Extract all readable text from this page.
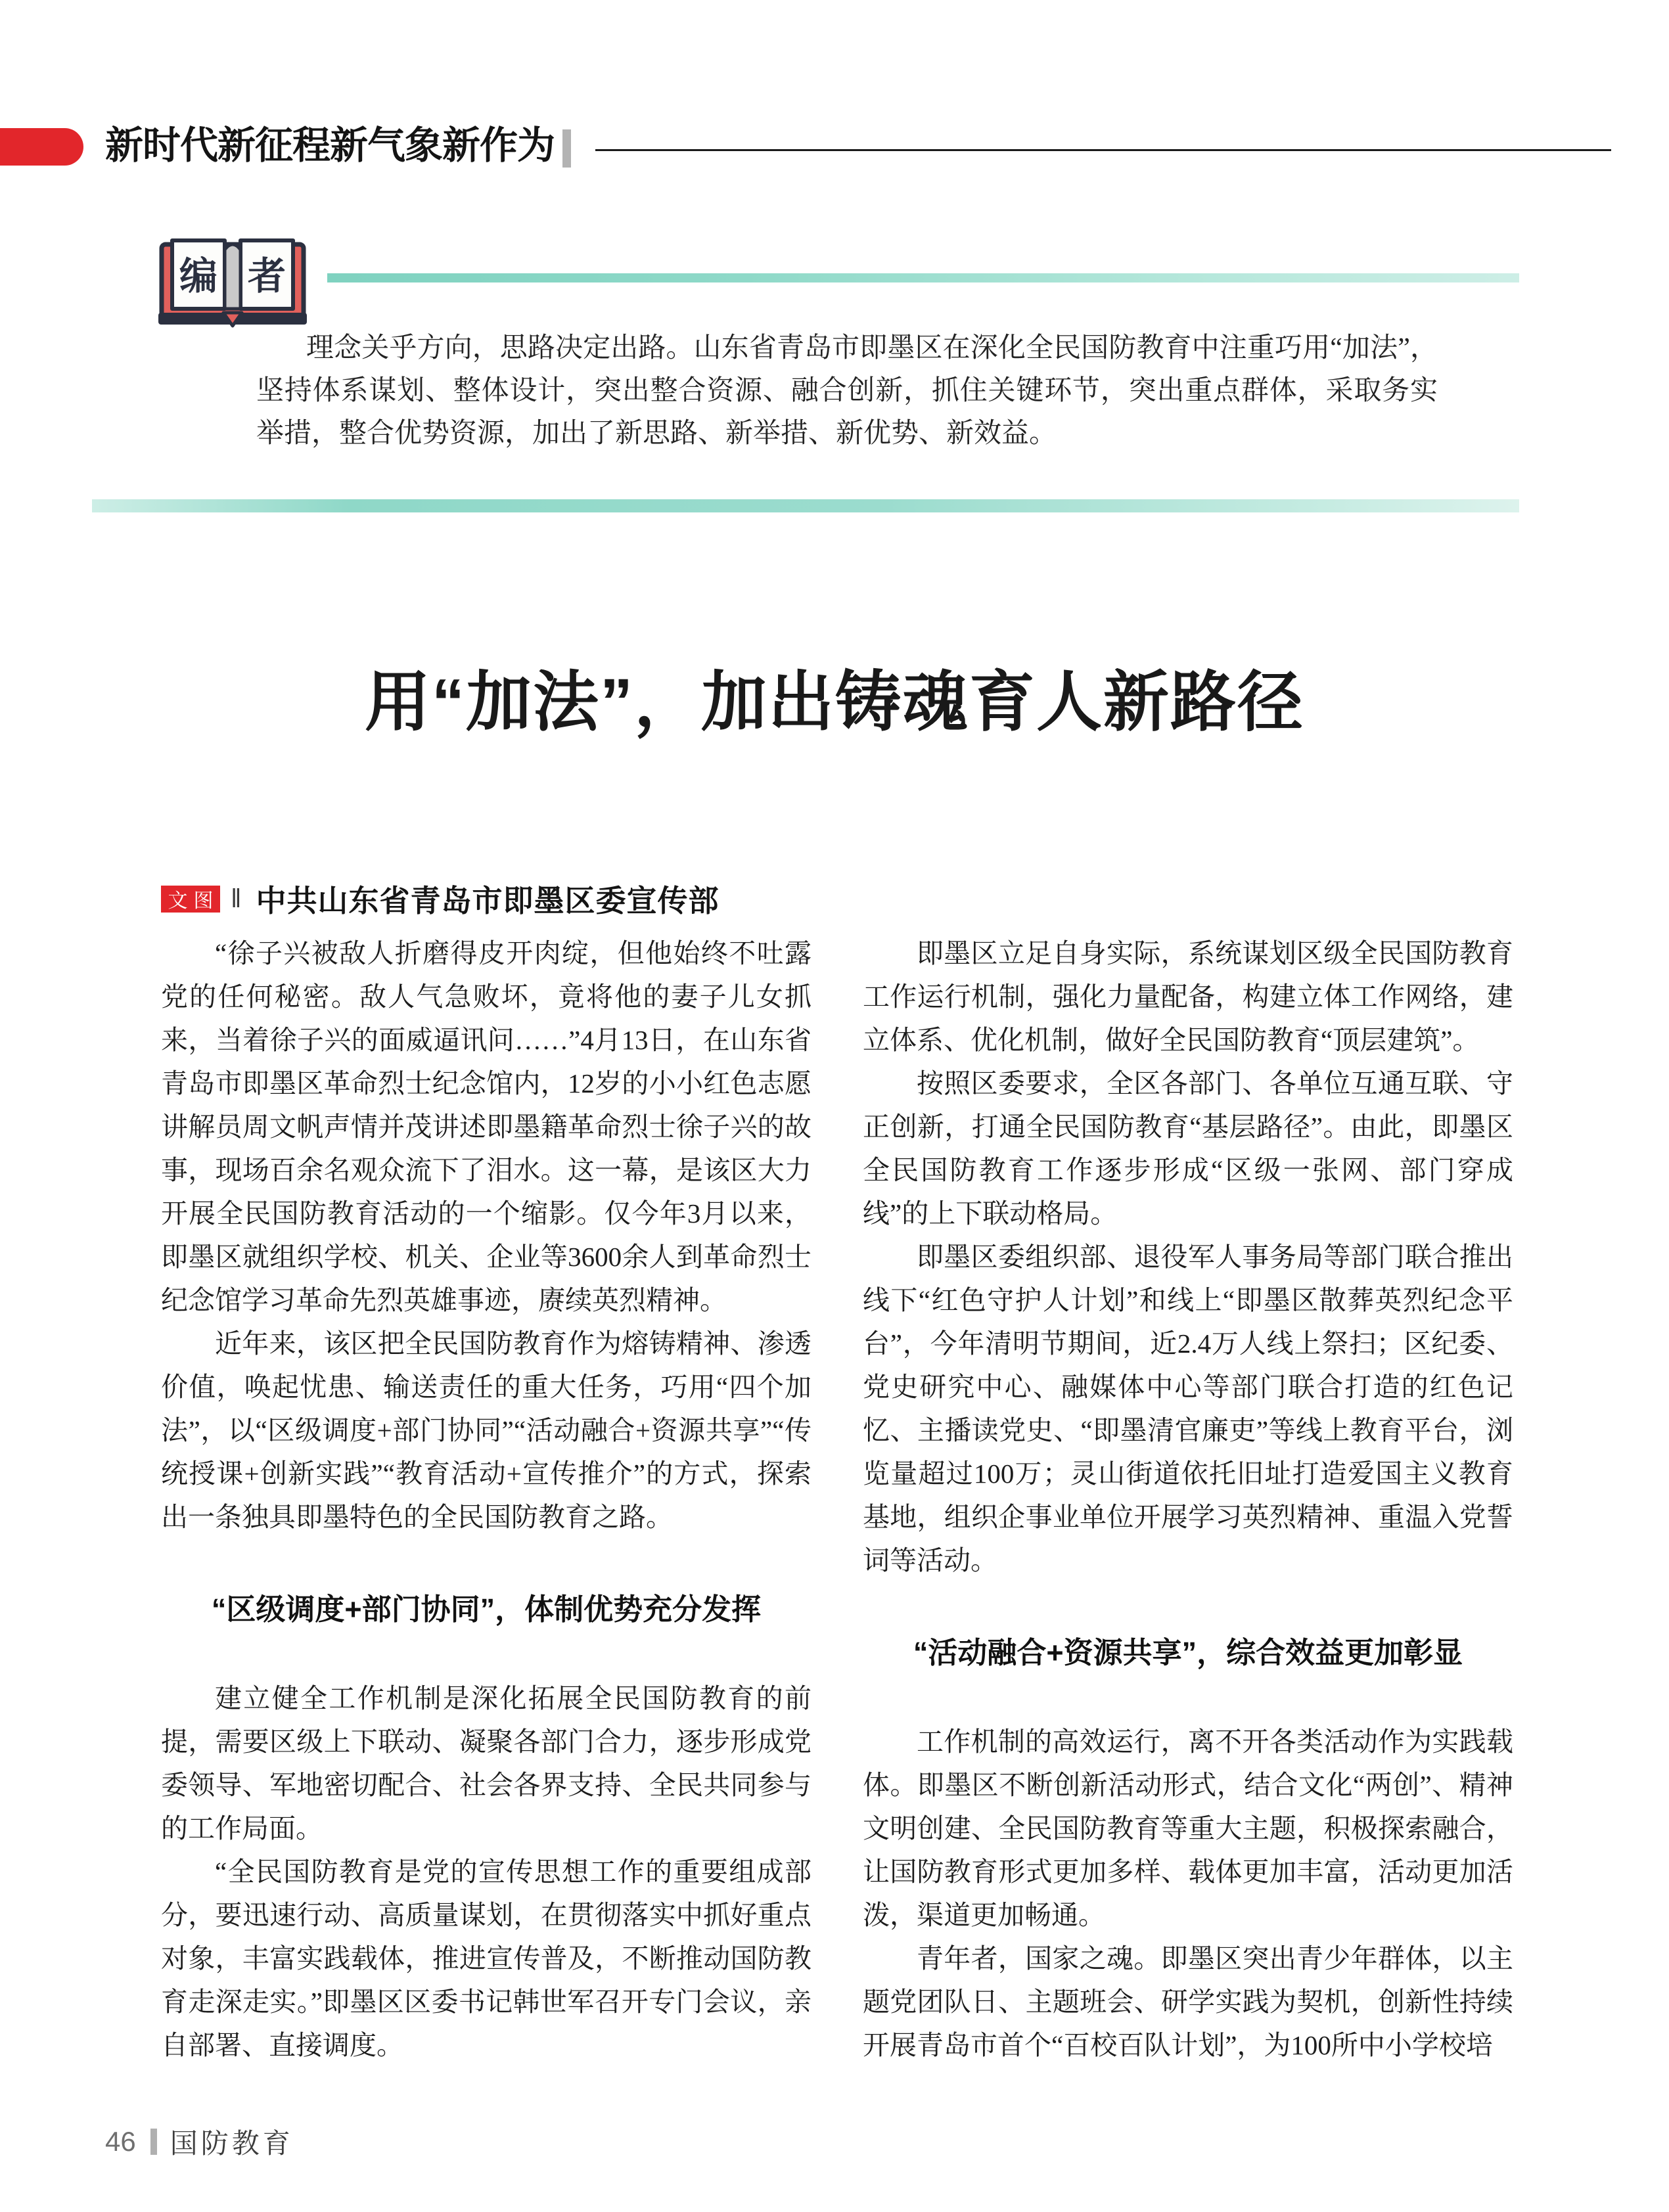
新时代新征程新气象新作为
编 者
理念关乎方向，思路决定出路。山东省青岛市即墨区在深化全民国防教育中注重巧用“加法”，坚持体系谋划、整体设计，突出整合资源、融合创新，抓住关键环节，突出重点群体，采取务实举措，整合优势资源，加出了新思路、新举措、新优势、新效益。
用“加法”，加出铸魂育人新路径
文图 ‖ 中共山东省青岛市即墨区委宣传部

“徐子兴被敌人折磨得皮开肉绽，但他始终不吐露党的任何秘密。敌人气急败坏，竟将他的妻子儿女抓来，当着徐子兴的面威逼讯问……”4月13日，在山东省青岛市即墨区革命烈士纪念馆内，12岁的小小红色志愿讲解员周文帆声情并茂讲述即墨籍革命烈士徐子兴的故事，现场百余名观众流下了泪水。这一幕，是该区大力开展全民国防教育活动的一个缩影。仅今年3月以来，即墨区就组织学校、机关、企业等3600余人到革命烈士纪念馆学习革命先烈英雄事迹，赓续英烈精神。

近年来，该区把全民国防教育作为熔铸精神、渗透价值，唤起忧患、输送责任的重大任务，巧用“四个加法”，以“区级调度+部门协同”“活动融合+资源共享”“传统授课+创新实践”“教育活动+宣传推介”的方式，探索出一条独具即墨特色的全民国防教育之路。

“区级调度+部门协同”，体制优势充分发挥

建立健全工作机制是深化拓展全民国防教育的前提，需要区级上下联动、凝聚各部门合力，逐步形成党委领导、军地密切配合、社会各界支持、全民共同参与的工作局面。

“全民国防教育是党的宣传思想工作的重要组成部分，要迅速行动、高质量谋划，在贯彻落实中抓好重点对象，丰富实践载体，推进宣传普及，不断推动国防教育走深走实。”即墨区区委书记韩世军召开专门会议，亲自部署、直接调度。

即墨区立足自身实际，系统谋划区级全民国防教育工作运行机制，强化力量配备，构建立体工作网络，建立体系、优化机制，做好全民国防教育“顶层建筑”。

按照区委要求，全区各部门、各单位互通互联、守正创新，打通全民国防教育“基层路径”。由此，即墨区全民国防教育工作逐步形成“区级一张网、部门穿成线”的上下联动格局。

即墨区委组织部、退役军人事务局等部门联合推出线下“红色守护人计划”和线上“即墨区散葬英烈纪念平台”，今年清明节期间，近2.4万人线上祭扫；区纪委、党史研究中心、融媒体中心等部门联合打造的红色记忆、主播读党史、“即墨清官廉吏”等线上教育平台，浏览量超过100万；灵山街道依托旧址打造爱国主义教育基地，组织企事业单位开展学习英烈精神、重温入党誓词等活动。

“活动融合+资源共享”，综合效益更加彰显

工作机制的高效运行，离不开各类活动作为实践载体。即墨区不断创新活动形式，结合文化“两创”、精神文明创建、全民国防教育等重大主题，积极探索融合，让国防教育形式更加多样、载体更加丰富，活动更加活泼，渠道更加畅通。

青年者，国家之魂。即墨区突出青少年群体，以主题党团队日、主题班会、研学实践为契机，创新性持续开展青岛市首个“百校百队计划”，为100所中小学校培

46 国防教育
